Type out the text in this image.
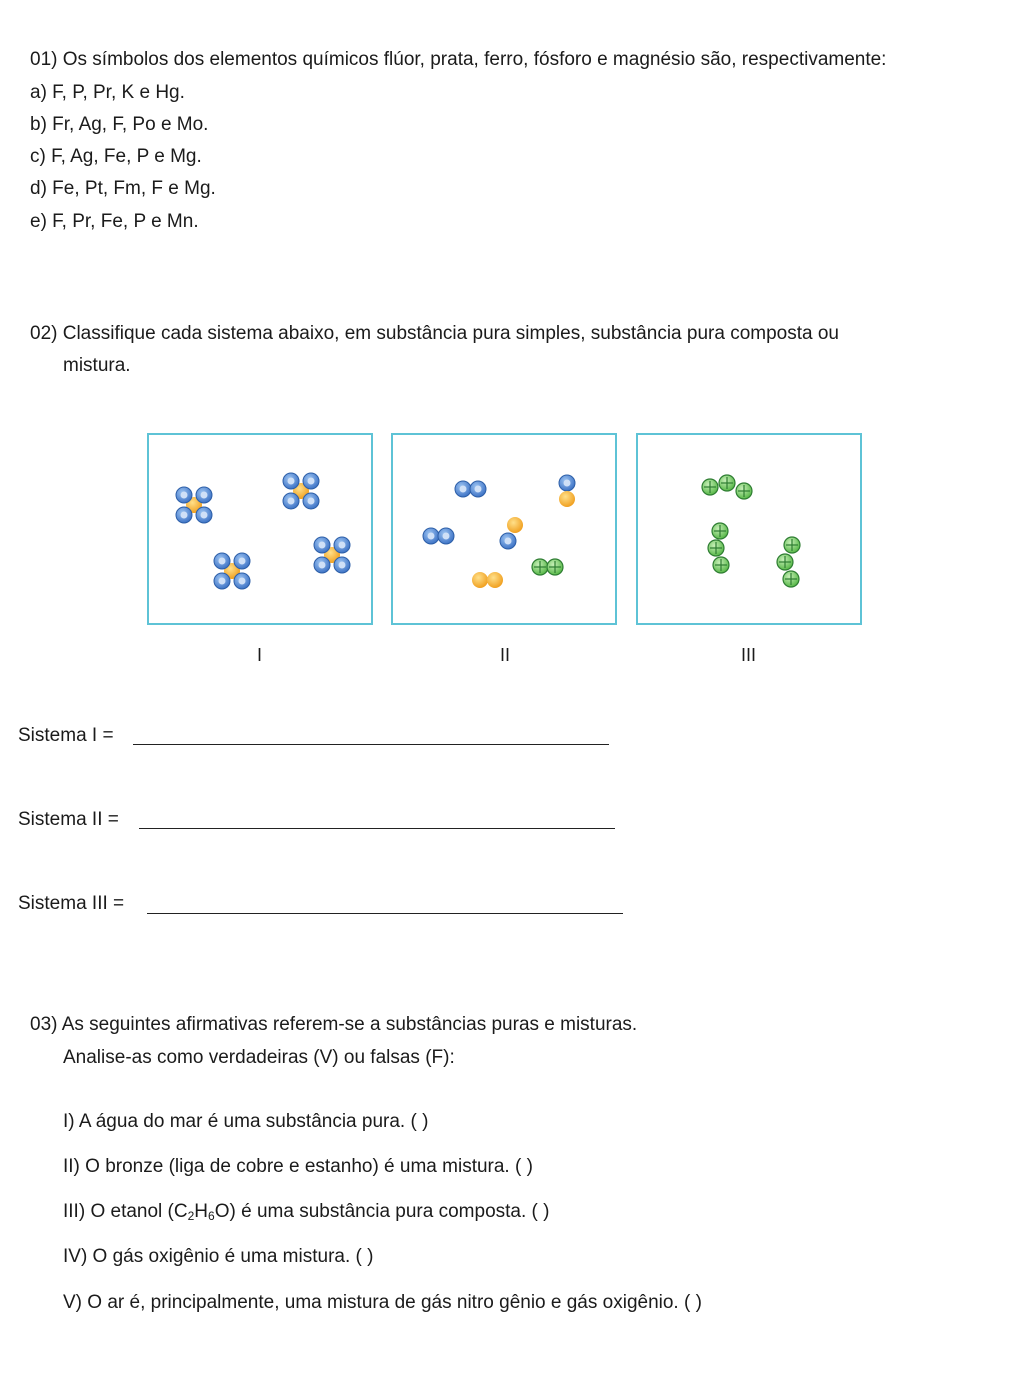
01) Os símbolos dos elementos químicos flúor, prata, ferro, fósforo e magnésio são, respectivamente:
a) F, P, Pr, K e Hg.
b) Fr, Ag, F, Po e Mo.
c) F, Ag, Fe, P e Mg.
d) Fe, Pt, Fm, F e Mg.
e) F, Pr, Fe, P e Mn.
02) Classifique cada sistema abaixo, em substância pura simples, substância pura composta ou
mistura.
I	II	III
Sistema I =
Sistema II =
Sistema III =
03) As seguintes afirmativas referem-se a substâncias puras e misturas.
Analise-as como verdadeiras (V) ou falsas (F):
I) A água do mar é uma substância pura. ( )
II) O bronze (liga de cobre e estanho) é uma mistura. ( )
III) O etanol $(C_2H_6O)$ é uma substância pura composta. ( )
IV) O gás oxigênio é uma mistura. ( )
V) O ar é, principalmente, uma mistura de gás nitro gênio e gás oxigênio. ( )
